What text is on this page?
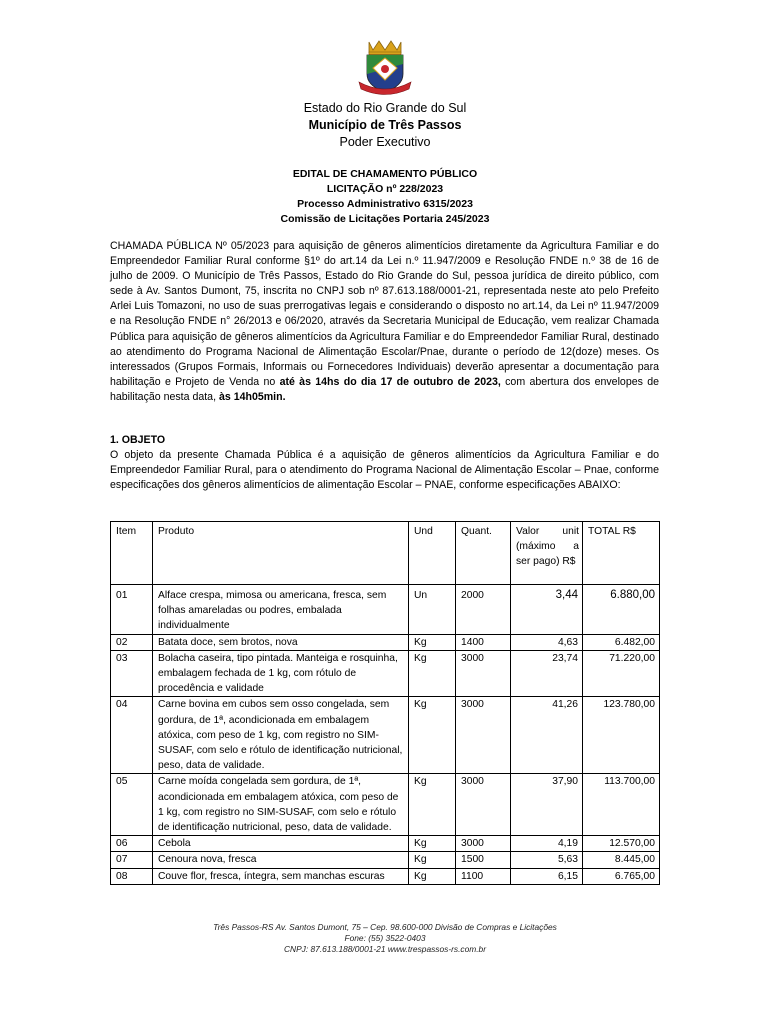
Estado do Rio Grande do Sul
Município de Três Passos
Poder Executivo
EDITAL DE CHAMAMENTO PÚBLICO
LICITAÇÃO nº 228/2023
Processo Administrativo 6315/2023
Comissão de Licitações Portaria 245/2023

CHAMADA PÚBLICA Nº 05/2023 para aquisição de gêneros alimentícios diretamente da Agricultura Familiar e do Empreendedor Familiar Rural conforme §1º do art.14 da Lei n.º 11.947/2009 e Resolução FNDE n.º 38 de 16 de julho de 2009. O Município de Três Passos, Estado do Rio Grande do Sul, pessoa jurídica de direito público, com sede à Av. Santos Dumont, 75, inscrita no CNPJ sob nº 87.613.188/0001-21, representada neste ato pelo Prefeito Arlei Luis Tomazoni, no uso de suas prerrogativas legais e considerando o disposto no art.14, da Lei nº 11.947/2009 e na Resolução FNDE n° 26/2013 e 06/2020, através da Secretaria Municipal de Educação, vem realizar Chamada Pública para aquisição de gêneros alimentícios da Agricultura Familiar e do Empreendedor Familiar Rural, destinado ao atendimento do Programa Nacional de Alimentação Escolar/Pnae, durante o período de 12(doze) meses. Os interessados (Grupos Formais, Informais ou Fornecedores Individuais) deverão apresentar a documentação para habilitação e Projeto de Venda no até às 14hs do dia 17 de outubro de 2023, com abertura dos envelopes de habilitação nesta data, às 14h05min.

1. OBJETO

O objeto da presente Chamada Pública é a aquisição de gêneros alimentícios da Agricultura Familiar e do Empreendedor Familiar Rural, para o atendimento do Programa Nacional de Alimentação Escolar – Pnae, conforme especificações dos gêneros alimentícios de alimentação Escolar – PNAE, conforme especificações ABAIXO:

Item	Produto	Und	Quant.	Valor unit (máximo a ser pago) R$	TOTAL R$
01	Alface crespa, mimosa ou americana, fresca, sem folhas amareladas ou podres, embalada individualmente	Un	2000	3,44	6.880,00
02	Batata doce, sem brotos, nova	Kg	1400	4,63	6.482,00
03	Bolacha caseira, tipo pintada. Manteiga e rosquinha, embalagem fechada de 1 kg, com rótulo de procedência e validade	Kg	3000	23,74	71.220,00
04	Carne bovina em cubos sem osso congelada, sem gordura, de 1ª, acondicionada em embalagem atóxica, com peso de 1 kg, com registro no SIM-SUSAF, com selo e rótulo de identificação nutricional, peso, data de validade.	Kg	3000	41,26	123.780,00
05	Carne moída congelada sem gordura, de 1ª, acondicionada em embalagem atóxica, com peso de 1 kg, com registro no SIM-SUSAF, com selo e rótulo de identificação nutricional, peso, data de validade.	Kg	3000	37,90	113.700,00
06	Cebola	Kg	3000	4,19	12.570,00
07	Cenoura nova, fresca	Kg	1500	5,63	8.445,00
08	Couve flor, fresca, íntegra, sem manchas escuras	Kg	1100	6,15	6.765,00
Três Passos-RS Av. Santos Dumont, 75 – Cep. 98.600-000 Divisão de Compras e Licitações
Fone: (55) 3522-0403
CNPJ: 87.613.188/0001-21 www.trespassos-rs.com.br
